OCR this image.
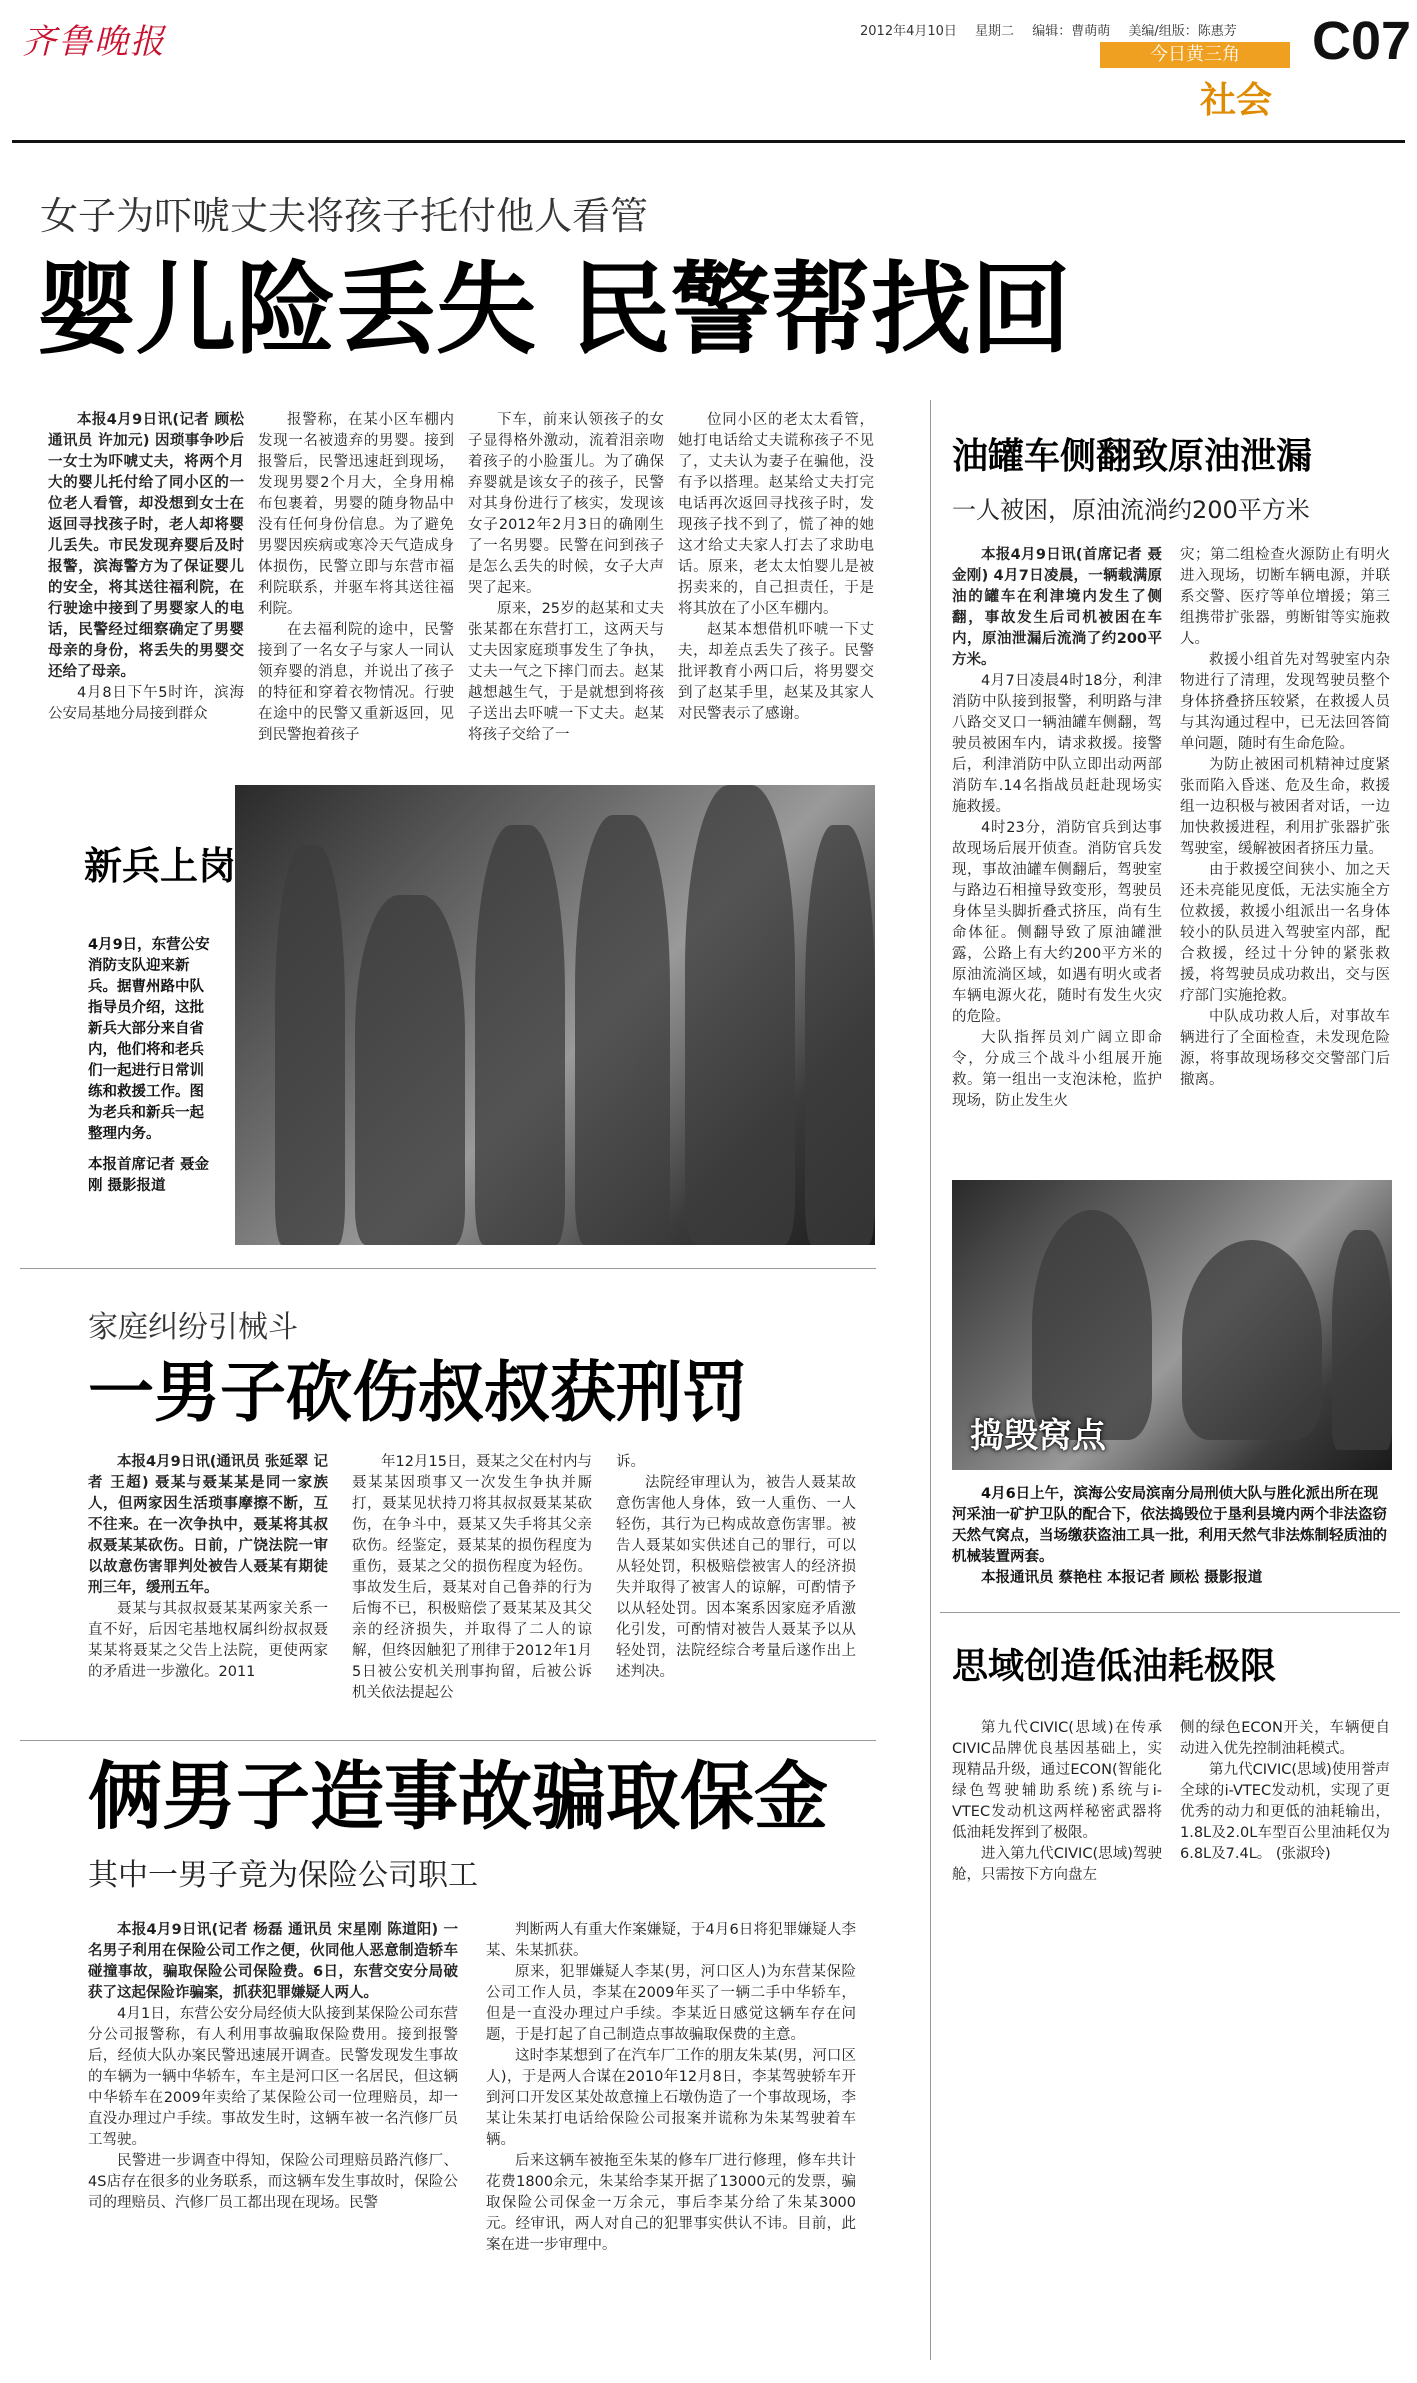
齐鲁晚报	2012年4月10日 星期二 编辑：曹萌萌 美编/组版：陈惠芳
今日黄三角
社会
C07
女子为吓唬丈夫将孩子托付他人看管
婴儿险丢失 民警帮找回

本报4月9日讯(记者 顾松 通讯员 许加元) 因琐事争吵后一女士为吓唬丈夫，将两个月大的婴儿托付给了同小区的一位老人看管，却没想到女士在返回寻找孩子时，老人却将婴儿丢失。市民发现弃婴后及时报警，滨海警方为了保证婴儿的安全，将其送往福利院，在行驶途中接到了男婴家人的电话，民警经过细察确定了男婴母亲的身份，将丢失的男婴交还给了母亲。

4月8日下午5时许，滨海公安局基地分局接到群众

报警称，在某小区车棚内发现一名被遗弃的男婴。接到报警后，民警迅速赶到现场，发现男婴2个月大，全身用棉布包裹着，男婴的随身物品中没有任何身份信息。为了避免男婴因疾病或寒冷天气造成身体损伤，民警立即与东营市福利院联系，并驱车将其送往福利院。

在去福利院的途中，民警接到了一名女子与家人一同认领弃婴的消息，并说出了孩子的特征和穿着衣物情况。行驶在途中的民警又重新返回，见到民警抱着孩子

下车，前来认领孩子的女子显得格外激动，流着泪亲吻着孩子的小脸蛋儿。为了确保弃婴就是该女子的孩子，民警对其身份进行了核实，发现该女子2012年2月3日的确刚生了一名男婴。民警在问到孩子是怎么丢失的时候，女子大声哭了起来。

原来，25岁的赵某和丈夫张某都在东营打工，这两天与丈夫因家庭琐事发生了争执，丈夫一气之下摔门而去。赵某越想越生气，于是就想到将孩子送出去吓唬一下丈夫。赵某将孩子交给了一

位同小区的老太太看管，她打电话给丈夫谎称孩子不见了，丈夫认为妻子在骗他，没有予以搭理。赵某给丈夫打完电话再次返回寻找孩子时，发现孩子找不到了，慌了神的她这才给丈夫家人打去了求助电话。原来，老太太怕婴儿是被拐卖来的，自己担责任，于是将其放在了小区车棚内。

赵某本想借机吓唬一下丈夫，却差点丢失了孩子。民警批评教育小两口后，将男婴交到了赵某手里，赵某及其家人对民警表示了感谢。

新兵上岗
4月9日，东营公安消防支队迎来新兵。据曹州路中队指导员介绍，这批新兵大部分来自省内，他们将和老兵们一起进行日常训练和救援工作。图为老兵和新兵一起整理内务。
本报首席记者 聂金刚 摄影报道
家庭纠纷引械斗
一男子砍伤叔叔获刑罚

本报4月9日讯(通讯员 张延翠 记者 王超) 聂某与聂某某是同一家族人，但两家因生活琐事摩擦不断，互不往来。在一次争执中，聂某将其叔叔聂某某砍伤。日前，广饶法院一审以故意伤害罪判处被告人聂某有期徒刑三年，缓刑五年。

聂某与其叔叔聂某某两家关系一直不好，后因宅基地权属纠纷叔叔聂某某将聂某之父告上法院，更使两家的矛盾进一步激化。2011

年12月15日，聂某之父在村内与聂某某因琐事又一次发生争执并厮打，聂某见状持刀将其叔叔聂某某砍伤，在争斗中，聂某又失手将其父亲砍伤。经鉴定，聂某某的损伤程度为重伤，聂某之父的损伤程度为轻伤。事故发生后，聂某对自己鲁莽的行为后悔不已，积极赔偿了聂某某及其父亲的经济损失，并取得了二人的谅解，但终因触犯了刑律于2012年1月5日被公安机关刑事拘留，后被公诉机关依法提起公

诉。

法院经审理认为，被告人聂某故意伤害他人身体，致一人重伤、一人轻伤，其行为已构成故意伤害罪。被告人聂某如实供述自己的罪行，可以从轻处罚，积极赔偿被害人的经济损失并取得了被害人的谅解，可酌情予以从轻处罚。因本案系因家庭矛盾激化引发，可酌情对被告人聂某予以从轻处罚，法院经综合考量后遂作出上述判决。

俩男子造事故骗取保金
其中一男子竟为保险公司职工

本报4月9日讯(记者 杨磊 通讯员 宋星刚 陈道阳) 一名男子利用在保险公司工作之便，伙同他人恶意制造轿车碰撞事故，骗取保险公司保险费。6日，东营交安分局破获了这起保险诈骗案，抓获犯罪嫌疑人两人。

4月1日，东营公安分局经侦大队接到某保险公司东营分公司报警称，有人利用事故骗取保险费用。接到报警后，经侦大队办案民警迅速展开调查。民警发现发生事故的车辆为一辆中华轿车，车主是河口区一名居民，但这辆中华轿车在2009年卖给了某保险公司一位理赔员，却一直没办理过户手续。事故发生时，这辆车被一名汽修厂员工驾驶。

民警进一步调查中得知，保险公司理赔员路汽修厂、4S店存在很多的业务联系，而这辆车发生事故时，保险公司的理赔员、汽修厂员工都出现在现场。民警

判断两人有重大作案嫌疑，于4月6日将犯罪嫌疑人李某、朱某抓获。

原来，犯罪嫌疑人李某(男，河口区人)为东营某保险公司工作人员，李某在2009年买了一辆二手中华轿车，但是一直没办理过户手续。李某近日感觉这辆车存在问题，于是打起了自己制造点事故骗取保费的主意。

这时李某想到了在汽车厂工作的朋友朱某(男，河口区人)，于是两人合谋在2010年12月8日，李某驾驶轿车开到河口开发区某处故意撞上石墩伪造了一个事故现场，李某让朱某打电话给保险公司报案并谎称为朱某驾驶着车辆。

后来这辆车被拖至朱某的修车厂进行修理，修车共计花费1800余元，朱某给李某开据了13000元的发票，骗取保险公司保金一万余元，事后李某分给了朱某3000元。经审讯，两人对自己的犯罪事实供认不讳。目前，此案在进一步审理中。

油罐车侧翻致原油泄漏
一人被困，原油流淌约200平方米

本报4月9日讯(首席记者 聂金刚) 4月7日凌晨，一辆载满原油的罐车在利津境内发生了侧翻，事故发生后司机被困在车内，原油泄漏后流淌了约200平方米。

4月7日凌晨4时18分，利津消防中队接到报警，利明路与津八路交叉口一辆油罐车侧翻，驾驶员被困车内，请求救援。接警后，利津消防中队立即出动两部消防车.14名指战员赶赴现场实施救援。

4时23分，消防官兵到达事故现场后展开侦查。消防官兵发现，事故油罐车侧翻后，驾驶室与路边石相撞导致变形，驾驶员身体呈头脚折叠式挤压，尚有生命体征。侧翻导致了原油罐泄露，公路上有大约200平方米的原油流淌区域，如遇有明火或者车辆电源火花，随时有发生火灾的危险。

大队指挥员刘广阔立即命令，分成三个战斗小组展开施救。第一组出一支泡沫枪，监护现场，防止发生火

灾；第二组检查火源防止有明火进入现场，切断车辆电源，并联系交警、医疗等单位增援；第三组携带扩张器，剪断钳等实施救人。

救援小组首先对驾驶室内杂物进行了清理，发现驾驶员整个身体挤叠挤压较紧，在救援人员与其沟通过程中，已无法回答简单问题，随时有生命危险。

为防止被困司机精神过度紧张而陷入昏迷、危及生命，救援组一边积极与被困者对话，一边加快救援进程，利用扩张器扩张驾驶室，缓解被困者挤压力量。

由于救援空间狭小、加之天还未亮能见度低，无法实施全方位救援，救援小组派出一名身体较小的队员进入驾驶室内部，配合救援，经过十分钟的紧张救援，将驾驶员成功救出，交与医疗部门实施抢救。

中队成功救人后，对事故车辆进行了全面检查，未发现危险源，将事故现场移交交警部门后撤离。

捣毁窝点
4月6日上午，滨海公安局滨南分局刑侦大队与胜化派出所在现河采油一矿护卫队的配合下，依法捣毁位于垦利县境内两个非法盗窃天然气窝点，当场缴获盗油工具一批，利用天然气非法炼制轻质油的机械装置两套。
本报通讯员 蔡艳柱 本报记者 顾松 摄影报道
思域创造低油耗极限

第九代CIVIC(思域)在传承CIVIC品牌优良基因基础上，实现精品升级，通过ECON(智能化绿色驾驶辅助系统)系统与i-VTEC发动机这两样秘密武器将低油耗发挥到了极限。

进入第九代CIVIC(思域)驾驶舱，只需按下方向盘左

侧的绿色ECON开关，车辆便自动进入优先控制油耗模式。

第九代CIVIC(思域)使用誉声全球的i-VTEC发动机，实现了更优秀的动力和更低的油耗输出，1.8L及2.0L车型百公里油耗仅为6.8L及7.4L。 (张淑玲)
